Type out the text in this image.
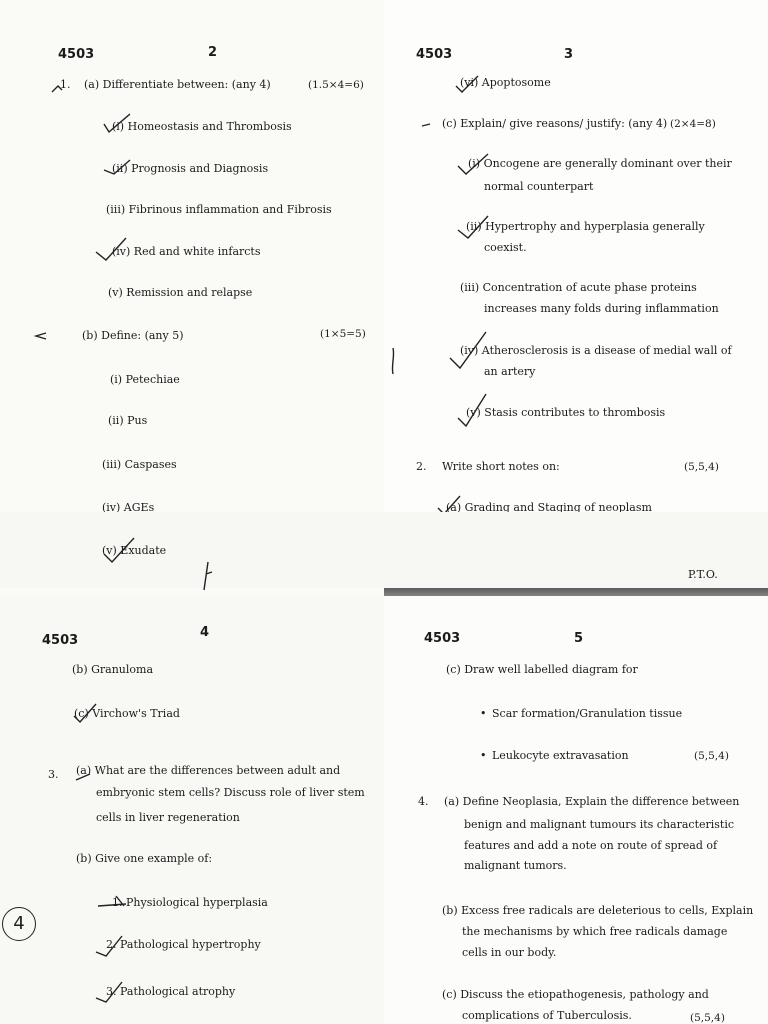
4503	2
1. (a) Differentiate between: (any 4)	(1.5×4=6)
(i) Homeostasis and Thrombosis
(ii) Prognosis and Diagnosis
(iii) Fibrinous inflammation and Fibrosis
(iv) Red and white infarcts
(v) Remission and relapse
(b) Define: (any 5)	(1×5=5)
(i) Petechiae
(ii) Pus
(iii) Caspases
(iv) AGEs
4503	3
(vi) Apoptosome
(c) Explain/ give reasons/ justify: (any 4) (2×4=8)
(i) Oncogene are generally dominant over their
normal counterpart
(ii) Hypertrophy and hyperplasia generally
coexist.
(iii) Concentration of acute phase proteins
increases many folds during inflammation
(iv) Atherosclerosis is a disease of medial wall of
an artery
(v) Stasis contributes to thrombosis
2. Write short notes on:	(5,5,4)
(a) Grading and Staging of neoplasm
P.T.O.
(v) Exudate
4503
4
(b) Granuloma
(c) Virchow's Triad
3. (a) What are the differences between adult and
embryonic stem cells? Discuss role of liver stem
cells in liver regeneration
(b) Give one example of:
1. Physiological hyperplasia
2. Pathological hypertrophy
3. Pathological atrophy
4
4503	5
(c) Draw well labelled diagram for
• Scar formation/Granulation tissue
• Leukocyte extravasation	(5,5,4)
4. (a) Define Neoplasia, Explain the difference between
benign and malignant tumours its characteristic
features and add a note on route of spread of
malignant tumors.
(b) Excess free radicals are deleterious to cells, Explain
the mechanisms by which free radicals damage
cells in our body.
(c) Discuss the etiopathogenesis, pathology and
complications of Tuberculosis.	(5,5,4)
